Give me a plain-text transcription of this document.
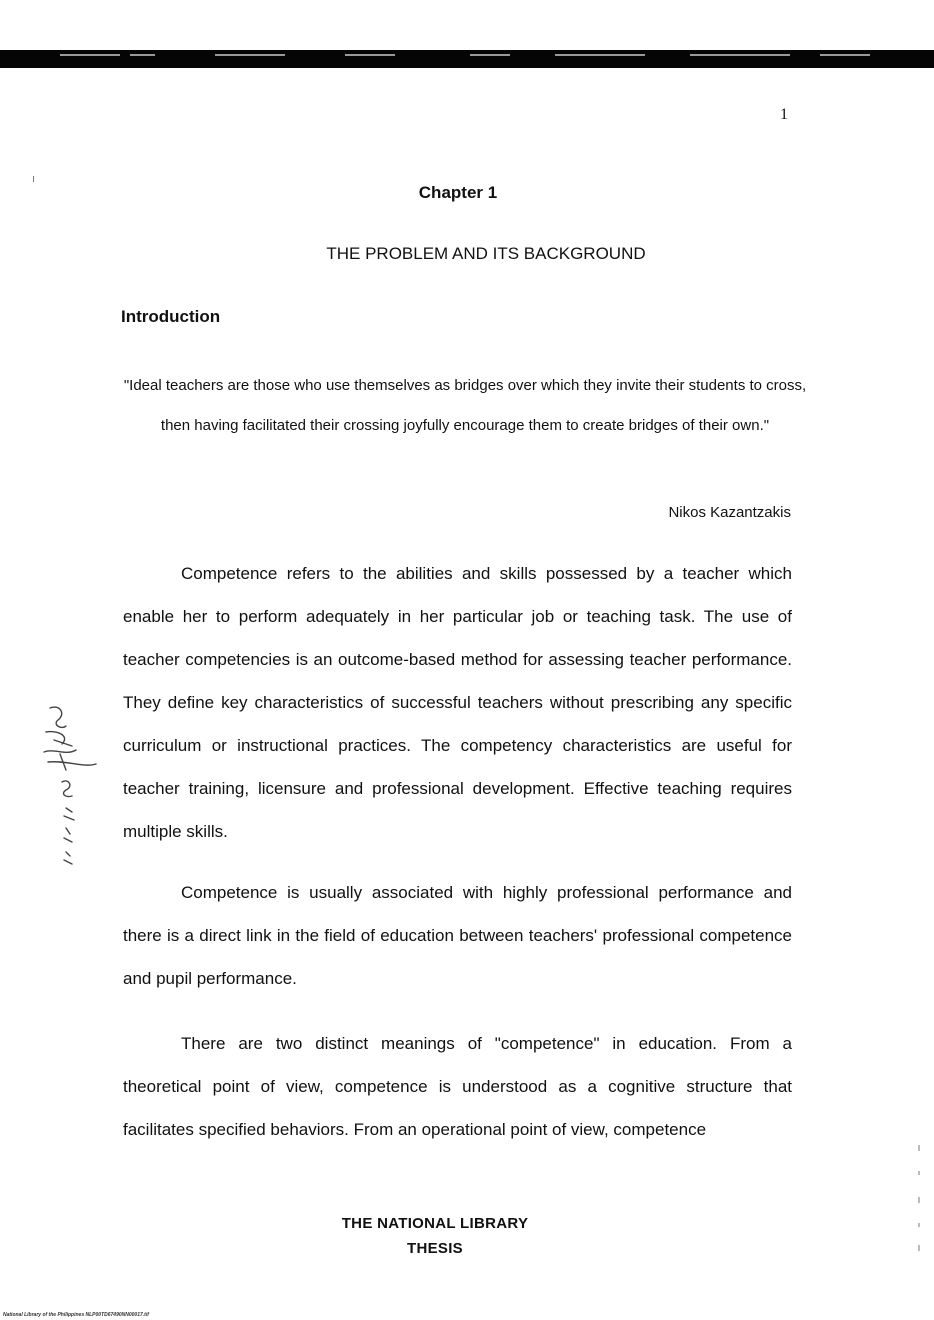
1
Chapter 1
THE PROBLEM AND ITS BACKGROUND
Introduction
"Ideal teachers are those who use themselves as bridges over which they invite their students to cross, then having facilitated their crossing joyfully encourage them to create bridges of their own."
Nikos Kazantzakis

Competence refers to the abilities and skills possessed by a teacher which enable her to perform adequately in her particular job or teaching task. The use of teacher competencies is an outcome-based method for assessing teacher performance. They define key characteristics of successful teachers without prescribing any specific curriculum or instructional practices. The competency characteristics are useful for teacher training, licensure and professional development. Effective teaching requires multiple skills.

Competence is usually associated with highly professional performance and there is a direct link in the field of education between teachers' professional competence and pupil performance.

There are two distinct meanings of "competence" in education. From a theoretical point of view, competence is understood as a cognitive structure that facilitates specified behaviors. From an operational point of view, competence

THE NATIONAL LIBRARY
THESIS
National Library of the Philippines NLP00TD67490NN00017.tif
